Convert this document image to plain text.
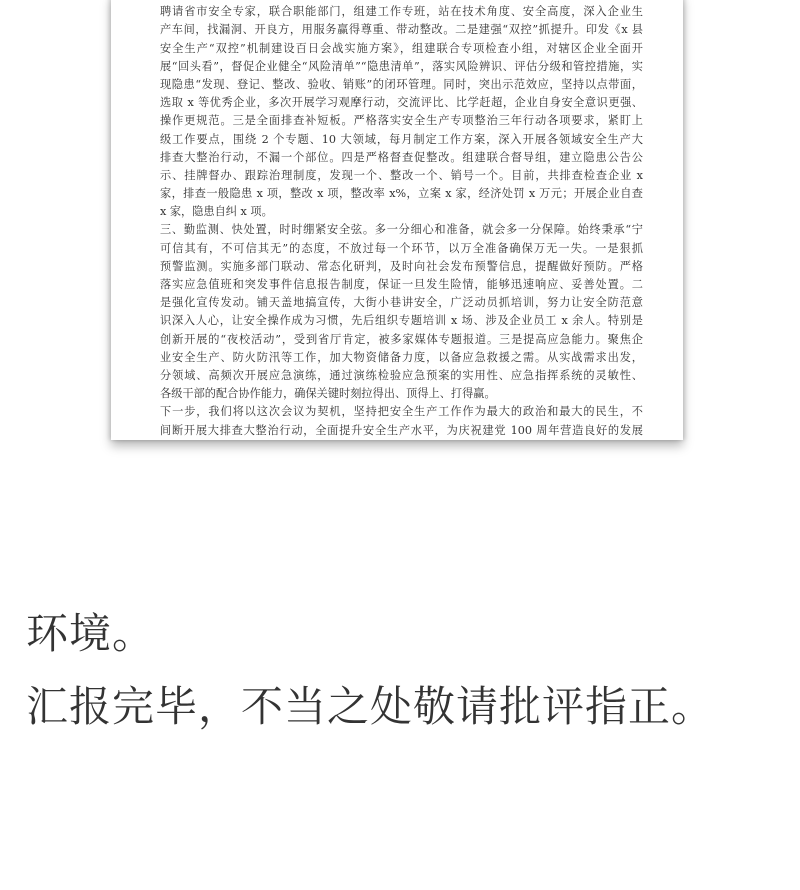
聘请省市安全专家，联合职能部门，组建工作专班，站在技术角度、安全高度，深入企业生
产车间，找漏洞、开良方，用服务赢得尊重、带动整改。二是建强“双控”抓提升。印发《x 县
安全生产“双控”机制建设百日会战实施方案》，组建联合专项检查小组，对辖区企业全面开
展“回头看”，督促企业健全“风险清单”“隐患清单”，落实风险辨识、评估分级和管控措施，实
现隐患“发现、登记、整改、验收、销账”的闭环管理。同时，突出示范效应，坚持以点带面，
选取 x 等优秀企业，多次开展学习观摩行动，交流评比、比学赶超，企业自身安全意识更强、
操作更规范。三是全面排查补短板。严格落实安全生产专项整治三年行动各项要求，紧盯上
级工作要点，围绕 2 个专题、10 大领域，每月制定工作方案，深入开展各领域安全生产大
排查大整治行动，不漏一个部位。四是严格督查促整改。组建联合督导组，建立隐患公告公
示、挂牌督办、跟踪治理制度，发现一个、整改一个、销号一个。目前，共排查检查企业 x
家，排查一般隐患 x 项，整改 x 项，整改率 x%，立案 x 家，经济处罚 x 万元；开展企业自查
x 家，隐患自纠 x 项。
三、勤监测、快处置，时时绷紧安全弦。多一分细心和准备，就会多一分保障。始终秉承“宁
可信其有，不可信其无”的态度，不放过每一个环节，以万全准备确保万无一失。一是狠抓
预警监测。实施多部门联动、常态化研判，及时向社会发布预警信息，提醒做好预防。严格
落实应急值班和突发事件信息报告制度，保证一旦发生险情，能够迅速响应、妥善处置。二
是强化宣传发动。铺天盖地搞宣传，大街小巷讲安全，广泛动员抓培训，努力让安全防范意
识深入人心，让安全操作成为习惯，先后组织专题培训 x 场、涉及企业员工 x 余人。特别是
创新开展的“夜校活动”，受到省厅肯定，被多家媒体专题报道。三是提高应急能力。聚焦企
业安全生产、防火防汛等工作，加大物资储备力度，以备应急救援之需。从实战需求出发，
分领域、高频次开展应急演练，通过演练检验应急预案的实用性、应急指挥系统的灵敏性、
各级干部的配合协作能力，确保关键时刻拉得出、顶得上、打得赢。
下一步，我们将以这次会议为契机，坚持把安全生产工作作为最大的政治和最大的民生，不
间断开展大排查大整治行动，全面提升安全生产水平，为庆祝建党 100 周年营造良好的发展
环境。
汇报完毕，不当之处敬请批评指正。
